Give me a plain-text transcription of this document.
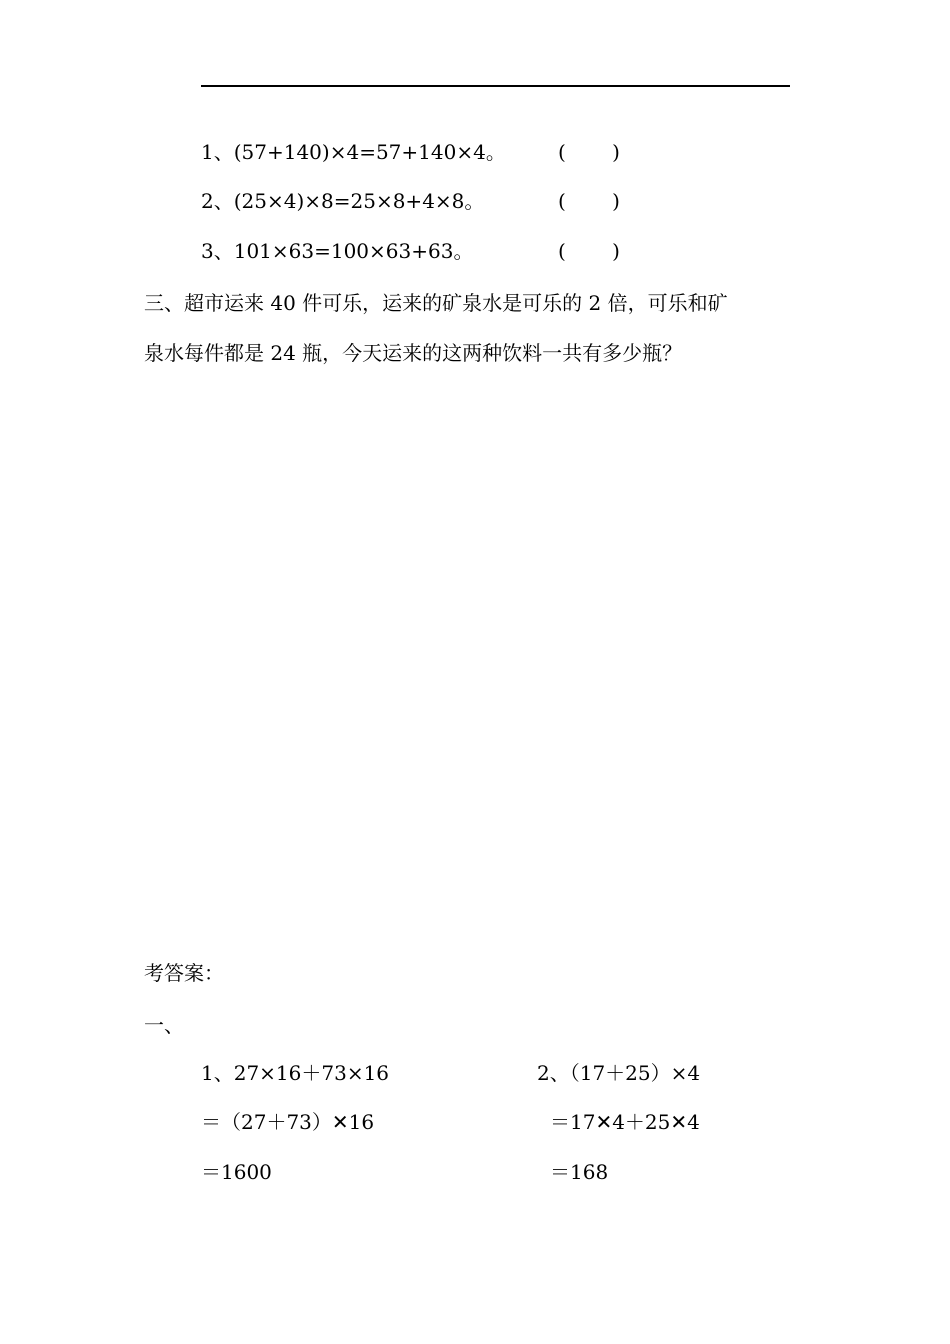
1、(57+140)×4=57+140×4。	(　 　)
2、(25×4)×8=25×8+4×8。	(　 　)
3、101×63=100×63+63。	(　 　)
三、超市运来 40 件可乐，运来的矿泉水是可乐的 2 倍，可乐和矿
泉水每件都是 24 瓶，今天运来的这两种饮料一共有多少瓶？
考答案：
一、
1、27×16＋73×16
＝（27＋73）✕16
＝1600
2、（17＋25）×4
＝17✕4＋25✕4
＝168
